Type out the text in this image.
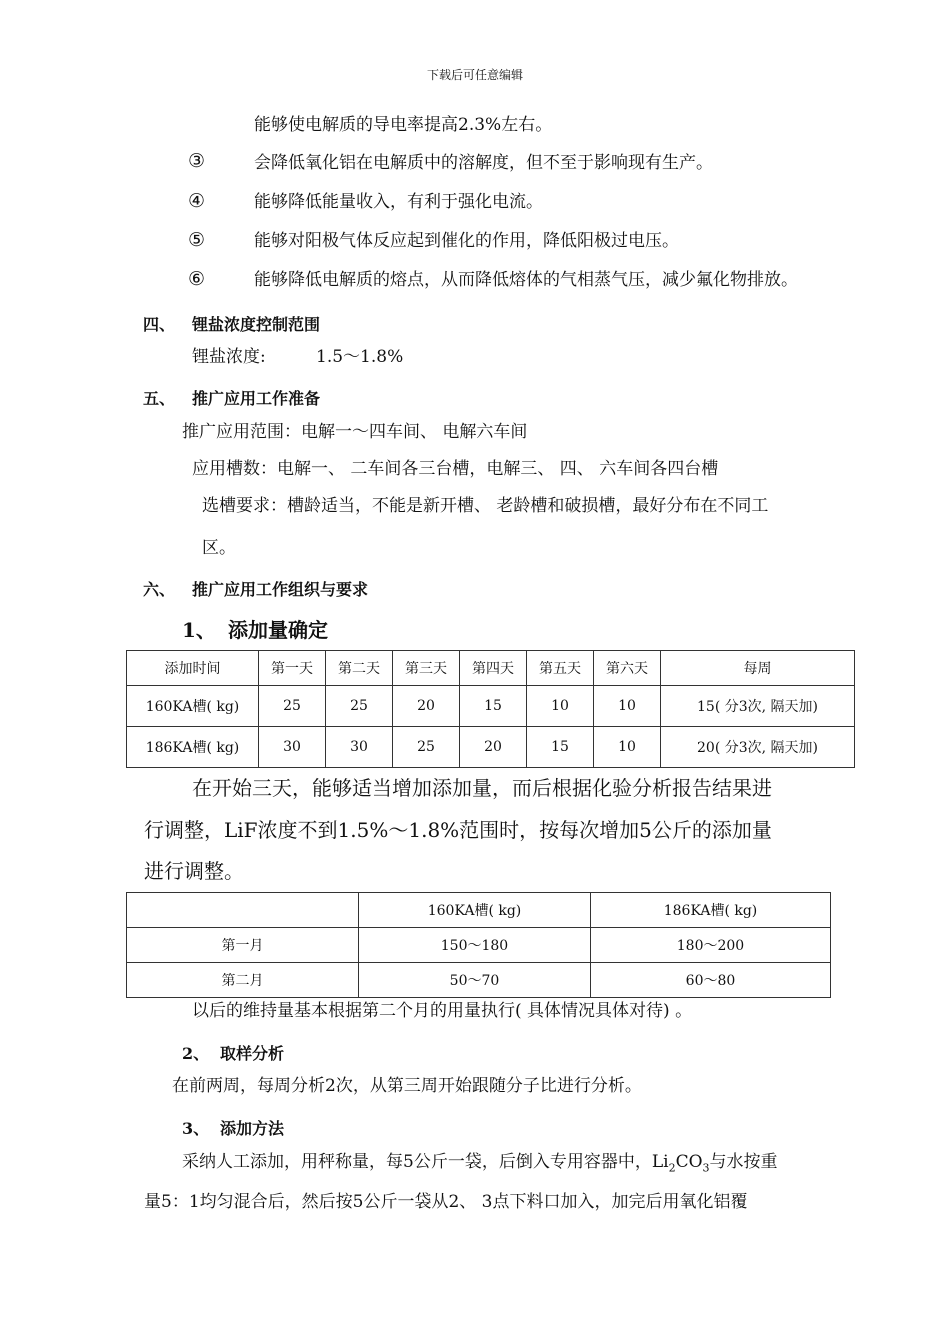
下载后可任意编辑
能够使电解质的导电率提高2.3%左右。
③	会降低氧化铝在电解质中的溶解度，但不至于影响现有生产。
④	能够降低能量收入，有利于强化电流。
⑤	能够对阳极气体反应起到催化的作用，降低阳极过电压。
⑥	能够降低电解质的熔点，从而降低熔体的气相蒸气压，减少氟化物排放。
四、 锂盐浓度控制范围
锂盐浓度:	1.5～1.8%
五、 推广应用工作准备
推广应用范围：电解一～四车间、 电解六车间
应用槽数：电解一、 二车间各三台槽，电解三、 四、 六车间各四台槽
选槽要求：槽龄适当，不能是新开槽、 老龄槽和破损槽，最好分布在不同工
区。
六、 推广应用工作组织与要求
1、 添加量确定
添加时间	第一天	第二天	第三天	第四天	第五天	第六天	每周
160KA槽( kg)	25	25	20	15	10	10	15( 分3次, 隔天加)
186KA槽( kg)	30	30	25	20	15	10	20( 分3次, 隔天加)
在开始三天，能够适当增加添加量，而后根据化验分析报告结果进
行调整，LiF浓度不到1.5%～1.8%范围时，按每次增加5公斤的添加量
进行调整。
	160KA槽( kg)	186KA槽( kg)
第一月	150～180	180～200
第二月	50～70	60～80
以后的维持量基本根据第二个月的用量执行( 具体情况具体对待) 。
2、 取样分析
在前两周，每周分析2次，从第三周开始跟随分子比进行分析。
3、 添加方法
采纳人工添加，用秤称量，每5公斤一袋，后倒入专用容器中，$Li_2CO_3$与水按重
量5：1均匀混合后，然后按5公斤一袋从2、 3点下料口加入，加完后用氧化铝覆
